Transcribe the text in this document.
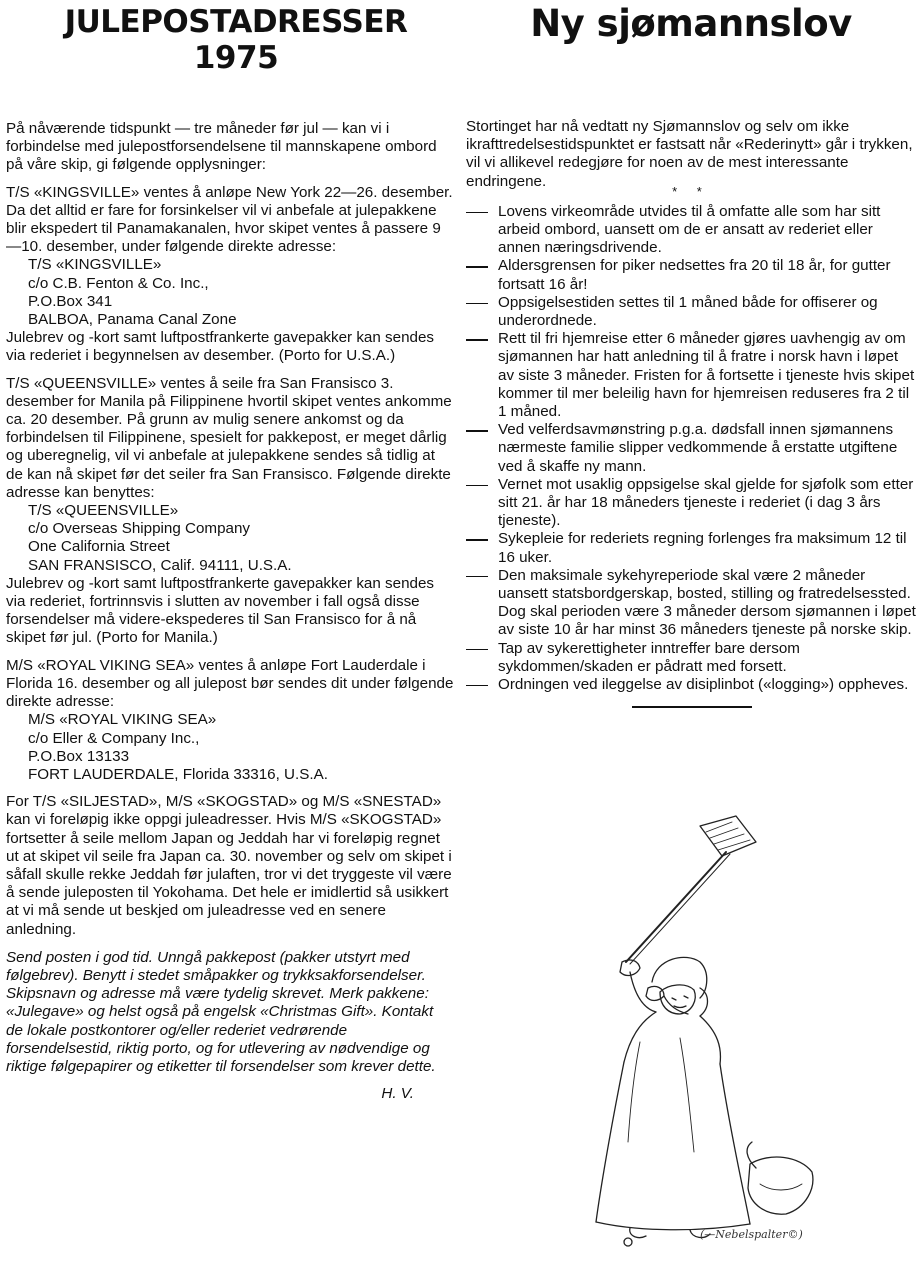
JULEPOSTADRESSER
1975

På nåværende tidspunkt — tre måneder før jul — kan vi i forbindelse med julepostforsendelsene til mannskapene ombord på våre skip, gi følgende opplysninger:

T/S «KINGSVILLE» ventes å anløpe New York 22—26. desember. Da det alltid er fare for forsinkelser vil vi anbefale at julepakkene blir ekspedert til Panamakanalen, hvor skipet ventes å passere 9—10. desember, under følgende direkte adresse:

T/S «KINGSVILLE»
c/o C.B. Fenton & Co. Inc.,
P.O.Box 341
BALBOA, Panama Canal Zone

Julebrev og -kort samt luftpostfrankerte gavepakker kan sendes via rederiet i begynnelsen av desember. (Porto for U.S.A.)

T/S «QUEENSVILLE» ventes å seile fra San Fransisco 3. desember for Manila på Filippinene hvortil skipet ventes ankomme ca. 20 desember. På grunn av mulig senere ankomst og da forbindelsen til Filippinene, spesielt for pakkepost, er meget dårlig og uberegnelig, vil vi anbefale at julepakkene sendes så tidlig at de kan nå skipet før det seiler fra San Fransisco. Følgende direkte adresse kan benyttes:

T/S «QUEENSVILLE»
c/o Overseas Shipping Company
One California Street
SAN FRANSISCO, Calif. 94111, U.S.A.

Julebrev og -kort samt luftpostfrankerte gavepakker kan sendes via rederiet, fortrinnsvis i slutten av november i fall også disse forsendelser må videre-ekspederes til San Fransisco for å nå skipet før jul. (Porto for Manila.)

M/S «ROYAL VIKING SEA» ventes å anløpe Fort Lauderdale i Florida 16. desember og all julepost bør sendes dit under følgende direkte adresse:

M/S «ROYAL VIKING SEA»
c/o Eller & Company Inc.,
P.O.Box 13133
FORT LAUDERDALE, Florida 33316, U.S.A.

For T/S «SILJESTAD», M/S «SKOGSTAD» og M/S «SNESTAD» kan vi foreløpig ikke oppgi juleadresser. Hvis M/S «SKOGSTAD» fortsetter å seile mellom Japan og Jeddah har vi foreløpig regnet ut at skipet vil seile fra Japan ca. 30. november og selv om skipet i såfall skulle rekke Jeddah før julaften, tror vi det tryggeste vil være å sende juleposten til Yokohama. Det hele er imidlertid så usikkert at vi må sende ut beskjed om juleadresse ved en senere anledning.

Send posten i god tid. Unngå pakkepost (pakker utstyrt med følgebrev). Benytt i stedet småpakker og trykksakforsendelser. Skipsnavn og adresse må være tydelig skrevet. Merk pakkene: «Julegave» og helst også på engelsk «Christmas Gift». Kontakt de lokale postkontorer og/eller rederiet vedrørende forsendelsestid, riktig porto, og for utlevering av nødvendige og riktige følgepapirer og etiketter til forsendelser som krever dette.

H. V.

Ny sjømannslov

Stortinget har nå vedtatt ny Sjømannslov og selv om ikke ikrafttredelsestidspunktet er fastsatt når «Rederinytt» går i trykken, vil vi allikevel redegjøre for noen av de mest interessante endringene.

* *
Lovens virkeområde utvides til å omfatte alle som har sitt arbeid ombord, uansett om de er ansatt av rederiet eller annen næringsdrivende.
Aldersgrensen for piker nedsettes fra 20 til 18 år, for gutter fortsatt 16 år!
Oppsigelsestiden settes til 1 måned både for offiserer og underordnede.
Rett til fri hjemreise etter 6 måneder gjøres uavhengig av om sjømannen har hatt anledning til å fratre i norsk havn i løpet av siste 3 måneder. Fristen for å fortsette i tjeneste hvis skipet kommer til mer beleilig havn for hjemreisen reduseres fra 2 til 1 måned.
Ved velferdsavmønstring p.g.a. dødsfall innen sjømannens nærmeste familie slipper vedkommende å erstatte utgiftene ved å skaffe ny mann.
Vernet mot usaklig oppsigelse skal gjelde for sjøfolk som etter sitt 21. år har 18 måneders tjeneste i rederiet (i dag 3 års tjeneste).
Sykepleie for rederiets regning forlenges fra maksimum 12 til 16 uker.
Den maksimale sykehyreperiode skal være 2 måneder uansett statsbordgerskap, bosted, stilling og fratredelsessted. Dog skal perioden være 3 måneder dersom sjømannen i løpet av siste 10 år har minst 36 måneders tjeneste på norske skip.
Tap av sykerettigheter inntreffer bare dersom sykdommen/skaden er pådratt med forsett.
Ordningen ved ileggelse av disiplinbot («logging») oppheves.
(—Nebelspalter©)
